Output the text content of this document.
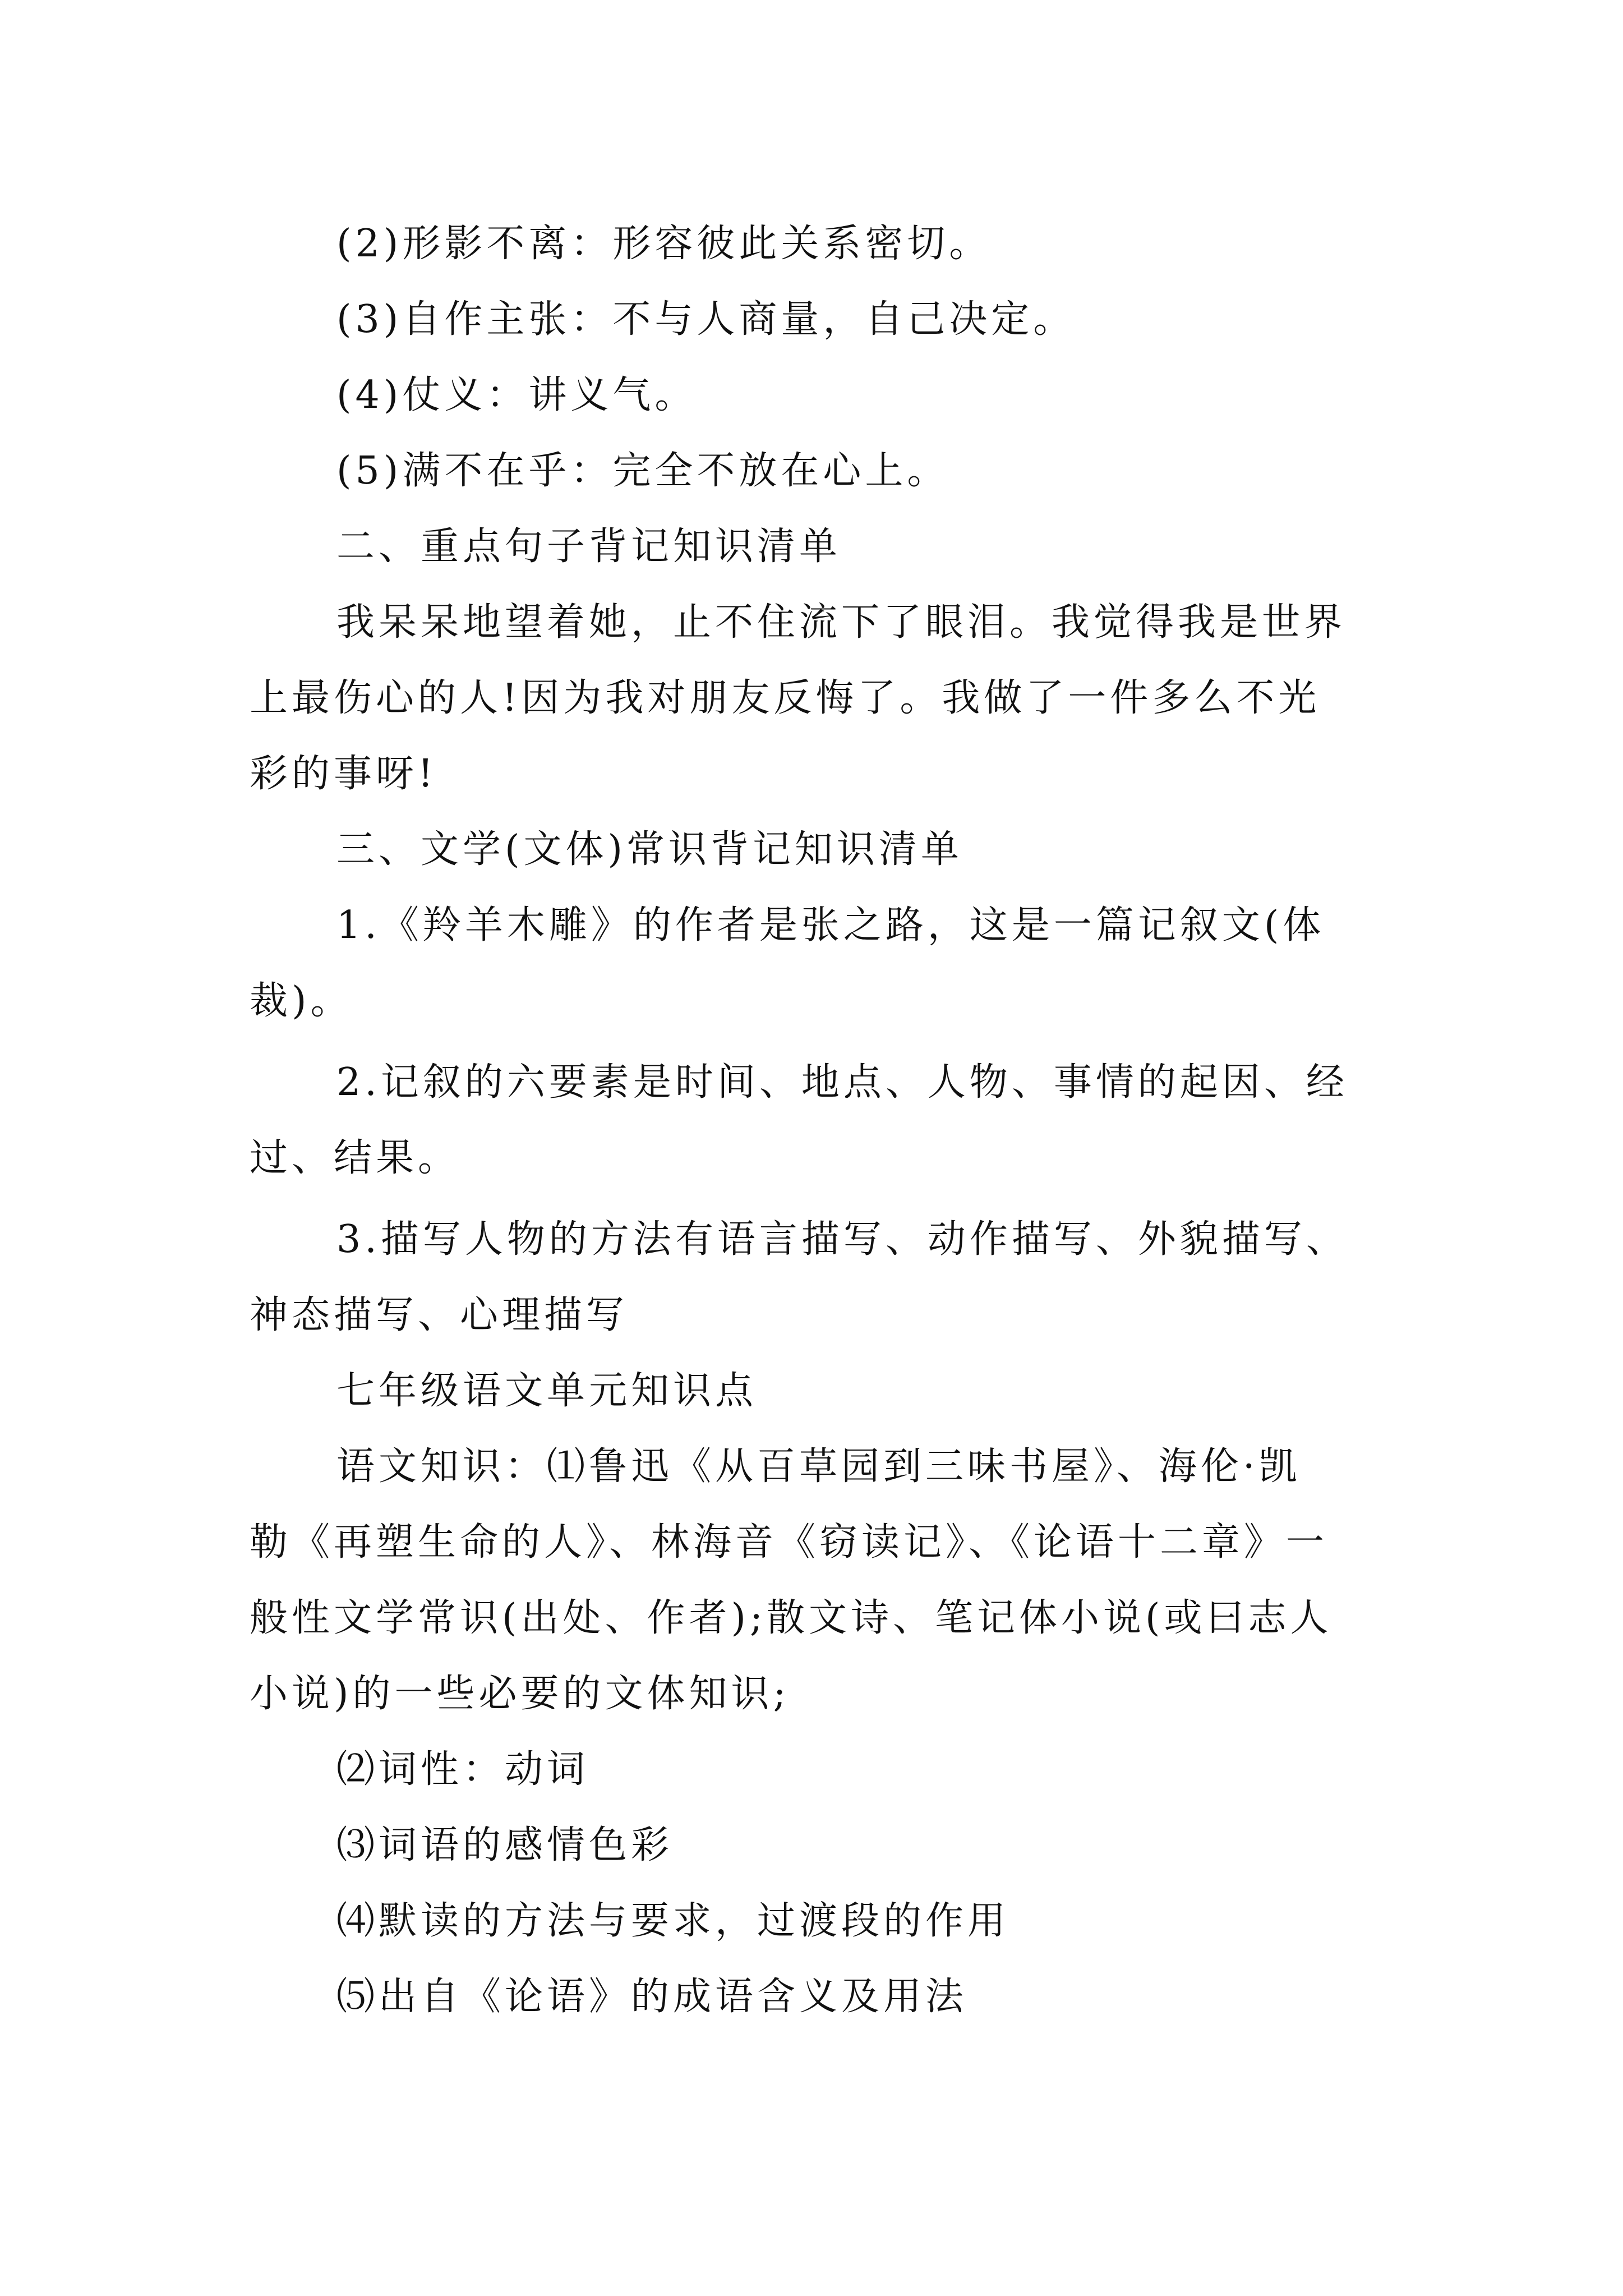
(2)形影不离：形容彼此关系密切。

(3)自作主张：不与人商量，自己决定。

(4)仗义：讲义气。

(5)满不在乎：完全不放在心上。

二、重点句子背记知识清单

我呆呆地望着她，止不住流下了眼泪。我觉得我是世界

上最伤心的人!因为我对朋友反悔了。我做了一件多么不光

彩的事呀!

三、文学(文体)常识背记知识清单

1.《羚羊木雕》的作者是张之路，这是一篇记叙文(体

裁)。

2.记叙的六要素是时间、地点、人物、事情的起因、经

过、结果。

3.描写人物的方法有语言描写、动作描写、外貌描写、

神态描写、心理描写

七年级语文单元知识点

语文知识：⑴鲁迅《从百草园到三味书屋》、海伦·凯

勒《再塑生命的人》、林海音《窃读记》、《论语十二章》一

般性文学常识(出处、作者);散文诗、笔记体小说(或曰志人

小说)的一些必要的文体知识;

⑵词性：动词

⑶词语的感情色彩

⑷默读的方法与要求，过渡段的作用

⑸出自《论语》的成语含义及用法
